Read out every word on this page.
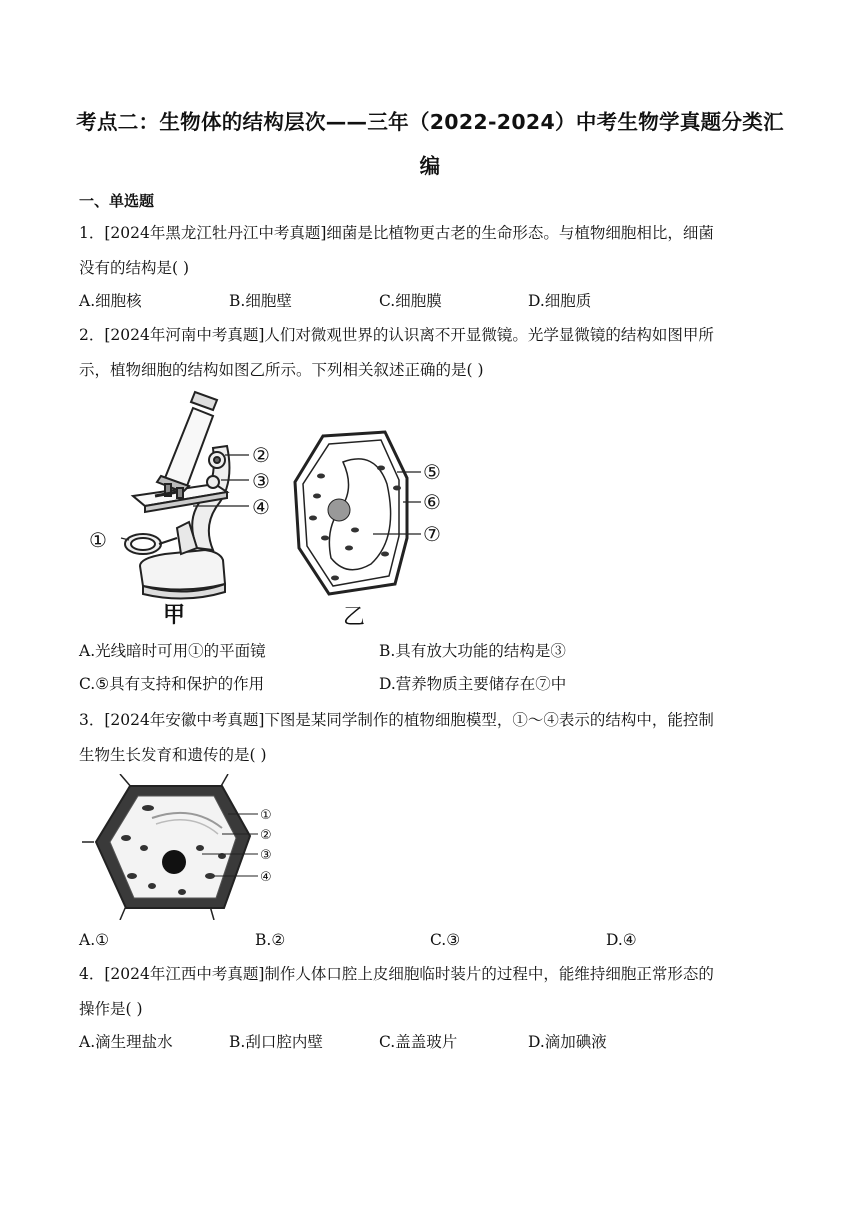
考点二：生物体的结构层次——三年（2022-2024）中考生物学真题分类汇
编
一、单选题
1．[2024年黑龙江牡丹江中考真题]细菌是比植物更古老的生命形态。与植物细胞相比，细菌
没有的结构是( )
A.细胞核	B.细胞壁	C.细胞膜	D.细胞质
2．[2024年河南中考真题]人们对微观世界的认识离不开显微镜。光学显微镜的结构如图甲所
示，植物细胞的结构如图乙所示。下列相关叙述正确的是( )
②
③
④
①
甲
⑤
⑥
⑦
乙
A.光线暗时可用①的平面镜	B.具有放大功能的结构是③
C.⑤具有支持和保护的作用	D.营养物质主要储存在⑦中
3．[2024年安徽中考真题]下图是某同学制作的植物细胞模型，①～④表示的结构中，能控制
生物生长发育和遗传的是( )
①
②
③
④
A.①	B.②	C.③	D.④
4．[2024年江西中考真题]制作人体口腔上皮细胞临时装片的过程中，能维持细胞正常形态的
操作是( )
A.滴生理盐水	B.刮口腔内壁	C.盖盖玻片	D.滴加碘液
